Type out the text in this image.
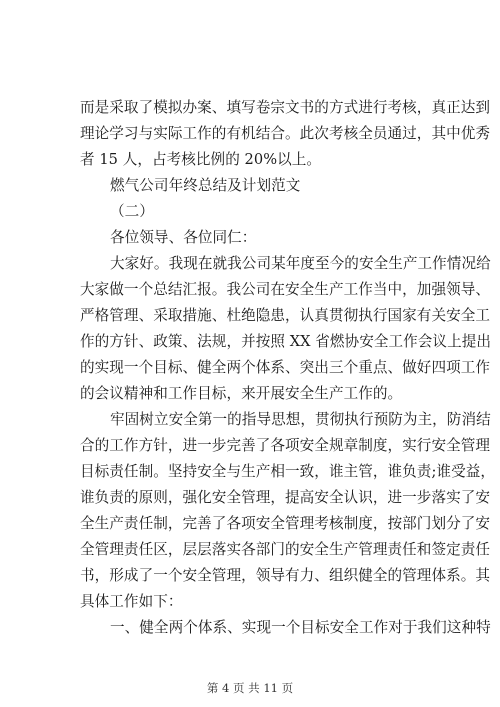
而是采取了模拟办案、填写卷宗文书的方式进行考核，真正达到
理论学习与实际工作的有机结合。此次考核全员通过，其中优秀
者 15 人，占考核比例的 20%以上。
燃气公司年终总结及计划范文
（二）
各位领导、各位同仁：
大家好。我现在就我公司某年度至今的安全生产工作情况给
大家做一个总结汇报。我公司在安全生产工作当中，加强领导、
严格管理、采取措施、杜绝隐患，认真贯彻执行国家有关安全工
作的方针、政策、法规，并按照 XX 省燃协安全工作会议上提出
的实现一个目标、健全两个体系、突出三个重点、做好四项工作
的会议精神和工作目标，来开展安全生产工作的。
牢固树立安全第一的指导思想，贯彻执行预防为主，防消结
合的工作方针，进一步完善了各项安全规章制度，实行安全管理
目标责任制。坚持安全与生产相一致，谁主管，谁负责;谁受益，
谁负责的原则，强化安全管理，提高安全认识，进一步落实了安
全生产责任制，完善了各项安全管理考核制度，按部门划分了安
全管理责任区，层层落实各部门的安全生产管理责任和签定责任
书，形成了一个安全管理，领导有力、组织健全的管理体系。其
具体工作如下：
一、健全两个体系、实现一个目标安全工作对于我们这种特
第 4 页 共 11 页
